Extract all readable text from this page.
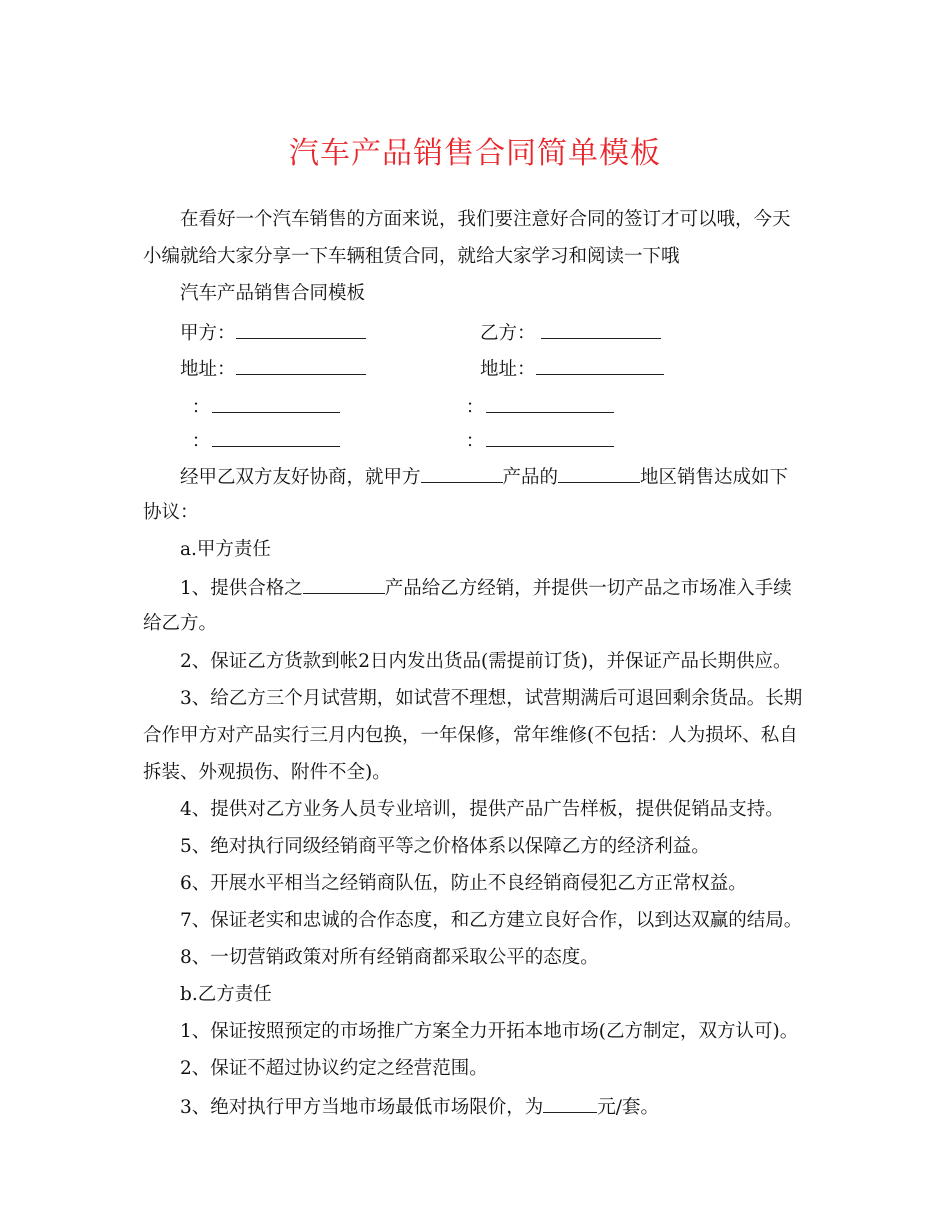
汽车产品销售合同简单模板
在看好一个汽车销售的方面来说，我们要注意好合同的签订才可以哦，今天
小编就给大家分享一下车辆租赁合同，就给大家学习和阅读一下哦
汽车产品销售合同模板
甲方：	乙方：
地址：	地址：
：	：
：	：
经甲乙双方友好协商，就甲方	产品的	地区销售达成如下
协议：
a.甲方责任
1、提供合格之	产品给乙方经销，并提供一切产品之市场准入手续
给乙方。
2、保证乙方货款到帐2日内发出货品(需提前订货)，并保证产品长期供应。
3、给乙方三个月试营期，如试营不理想，试营期满后可退回剩余货品。长期
合作甲方对产品实行三月内包换，一年保修，常年维修(不包括：人为损坏、私自
拆装、外观损伤、附件不全)。
4、提供对乙方业务人员专业培训，提供产品广告样板，提供促销品支持。
5、绝对执行同级经销商平等之价格体系以保障乙方的经济利益。
6、开展水平相当之经销商队伍，防止不良经销商侵犯乙方正常权益。
7、保证老实和忠诚的合作态度，和乙方建立良好合作，以到达双赢的结局。
8、一切营销政策对所有经销商都采取公平的态度。
b.乙方责任
1、保证按照预定的市场推广方案全力开拓本地市场(乙方制定，双方认可)。
2、保证不超过协议约定之经营范围。
3、绝对执行甲方当地市场最低市场限价，为	元/套。
